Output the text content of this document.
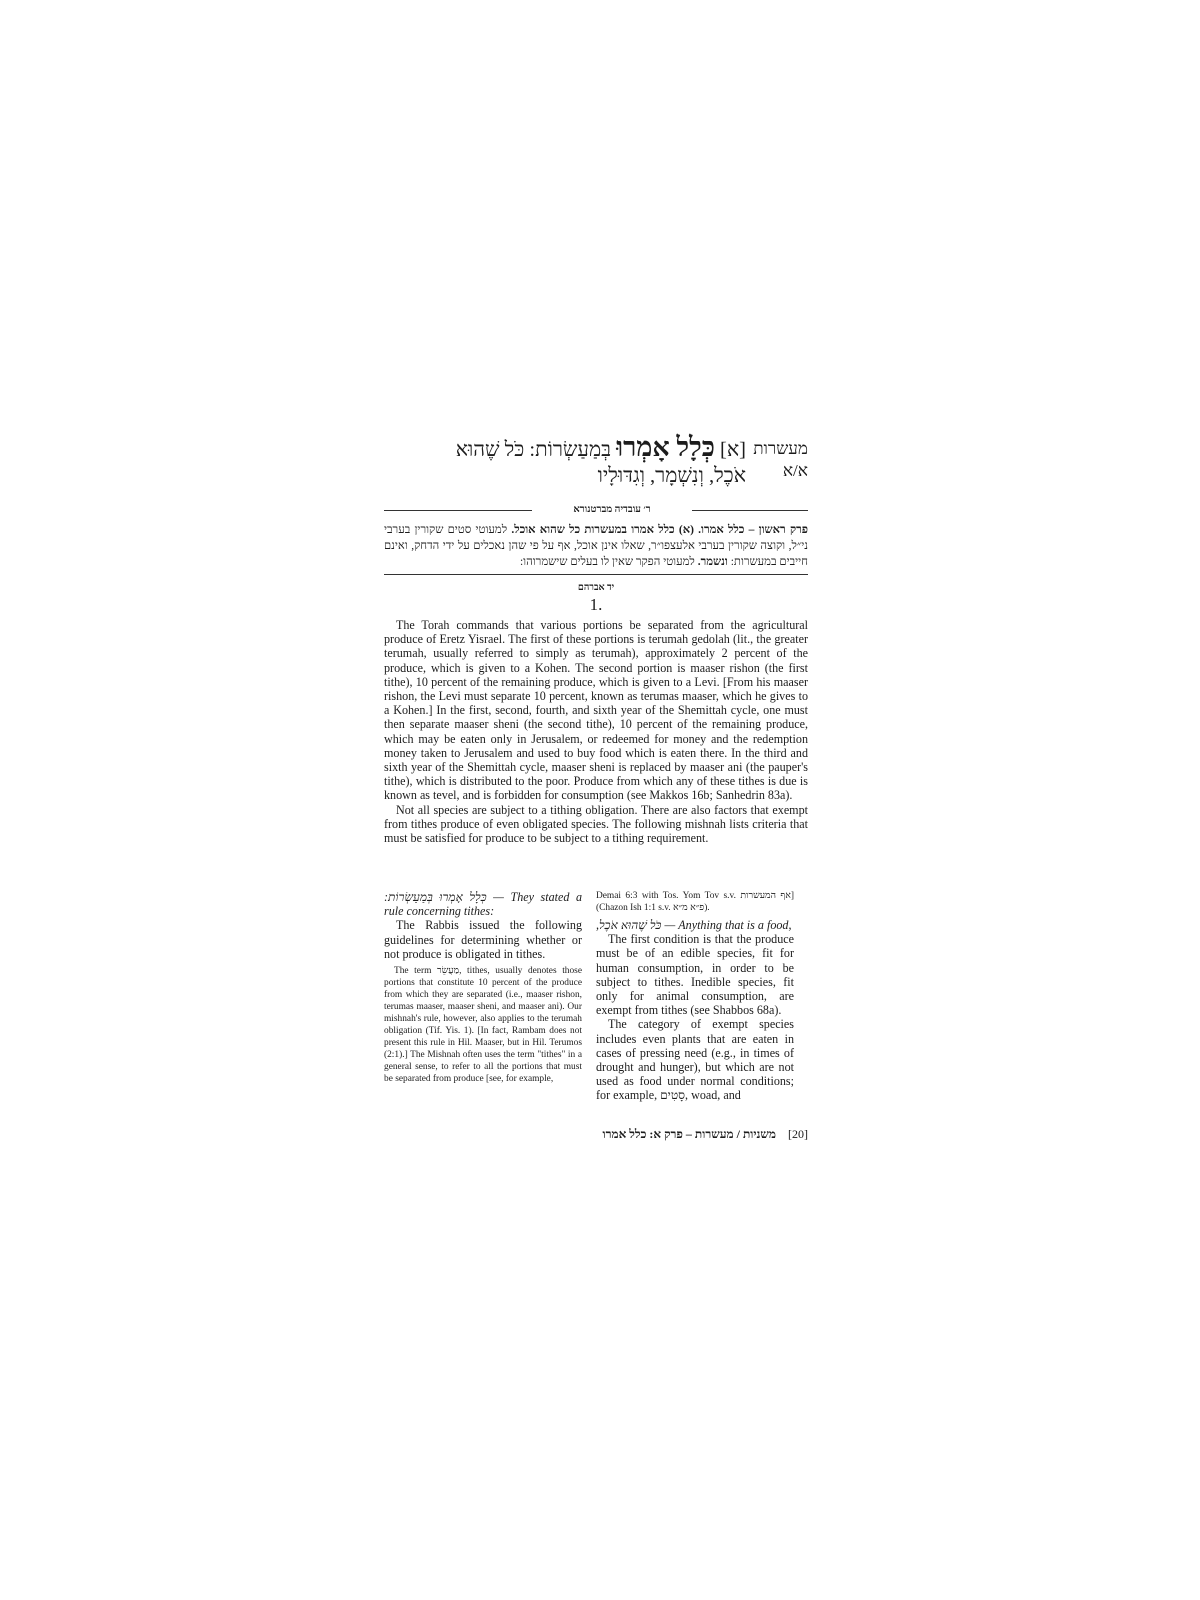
מעשרות
א/א
[א] כְּלָל אָמְרוּ בְּמַעַשְׂרוֹת: כֹּל שֶׁהוּא
אֹכֶל, וְנִשְׁמָר, וְגִדּוּלָיו
ר׳ עובדיה מברטנורא
פרק ראשון – כלל אמרו. (א) כלל אמרו במעשרות כל שהוא אוכל. למעוטי סטים שקורין בערבי ני״ל, וקוצה שקורין בערבי אלעצפו״ר, שאלו אינן אוכל, אף על פי שהן נאכלים על ידי הדחק, ואינם חייבים במעשרות: ונשמר. למעוטי הפקר שאין לו בעלים שישמרוהו:
יד אברהם
1.

The Torah commands that various portions be separated from the agricultural produce of Eretz Yisrael. The first of these portions is terumah gedolah (lit., the greater terumah, usually referred to simply as terumah), approximately 2 percent of the produce, which is given to a Kohen. The second portion is maaser rishon (the first tithe), 10 percent of the remaining produce, which is given to a Levi. [From his maaser rishon, the Levi must separate 10 percent, known as terumas maaser, which he gives to a Kohen.] In the first, second, fourth, and sixth year of the Shemittah cycle, one must then separate maaser sheni (the second tithe), 10 percent of the remaining produce, which may be eaten only in Jerusalem, or redeemed for money and the redemption money taken to Jerusalem and used to buy food which is eaten there. In the third and sixth year of the Shemittah cycle, maaser sheni is replaced by maaser ani (the pauper's tithe), which is distributed to the poor. Produce from which any of these tithes is due is known as tevel, and is forbidden for consumption (see Makkos 16b; Sanhedrin 83a).

Not all species are subject to a tithing obligation. There are also factors that exempt from tithes produce of even obligated species. The following mishnah lists criteria that must be satisfied for produce to be subject to a tithing requirement.

כְּלָל אָמְרוּ בְּמַעַשְׂרוֹת: — They stated a rule concerning tithes:

The Rabbis issued the following guidelines for determining whether or not produce is obligated in tithes.

The term מַעֲשֵׂר, tithes, usually denotes those portions that constitute 10 percent of the produce from which they are separated (i.e., maaser rishon, terumas maaser, maaser sheni, and maaser ani). Our mishnah's rule, however, also applies to the terumah obligation (Tif. Yis. 1). [In fact, Rambam does not present this rule in Hil. Maaser, but in Hil. Terumos (2:1).] The Mishnah often uses the term "tithes" in a general sense, to refer to all the portions that must be separated from produce [see, for example,

Demai 6:3 with Tos. Yom Tov s.v. אף המעשרות] (Chazon Ish 1:1 s.v. פ״א מ״א).

כֹּל שֶׁהוּא אֹכֶל, — Anything that is a food,

The first condition is that the produce must be of an edible species, fit for human consumption, in order to be subject to tithes. Inedible species, fit only for animal consumption, are exempt from tithes (see Shabbos 68a).

The category of exempt species includes even plants that are eaten in cases of pressing need (e.g., in times of drought and hunger), but which are not used as food under normal conditions; for example, סָטִים, woad, and

משניות / מעשרות – פרק א: כלל אמרו [20]
